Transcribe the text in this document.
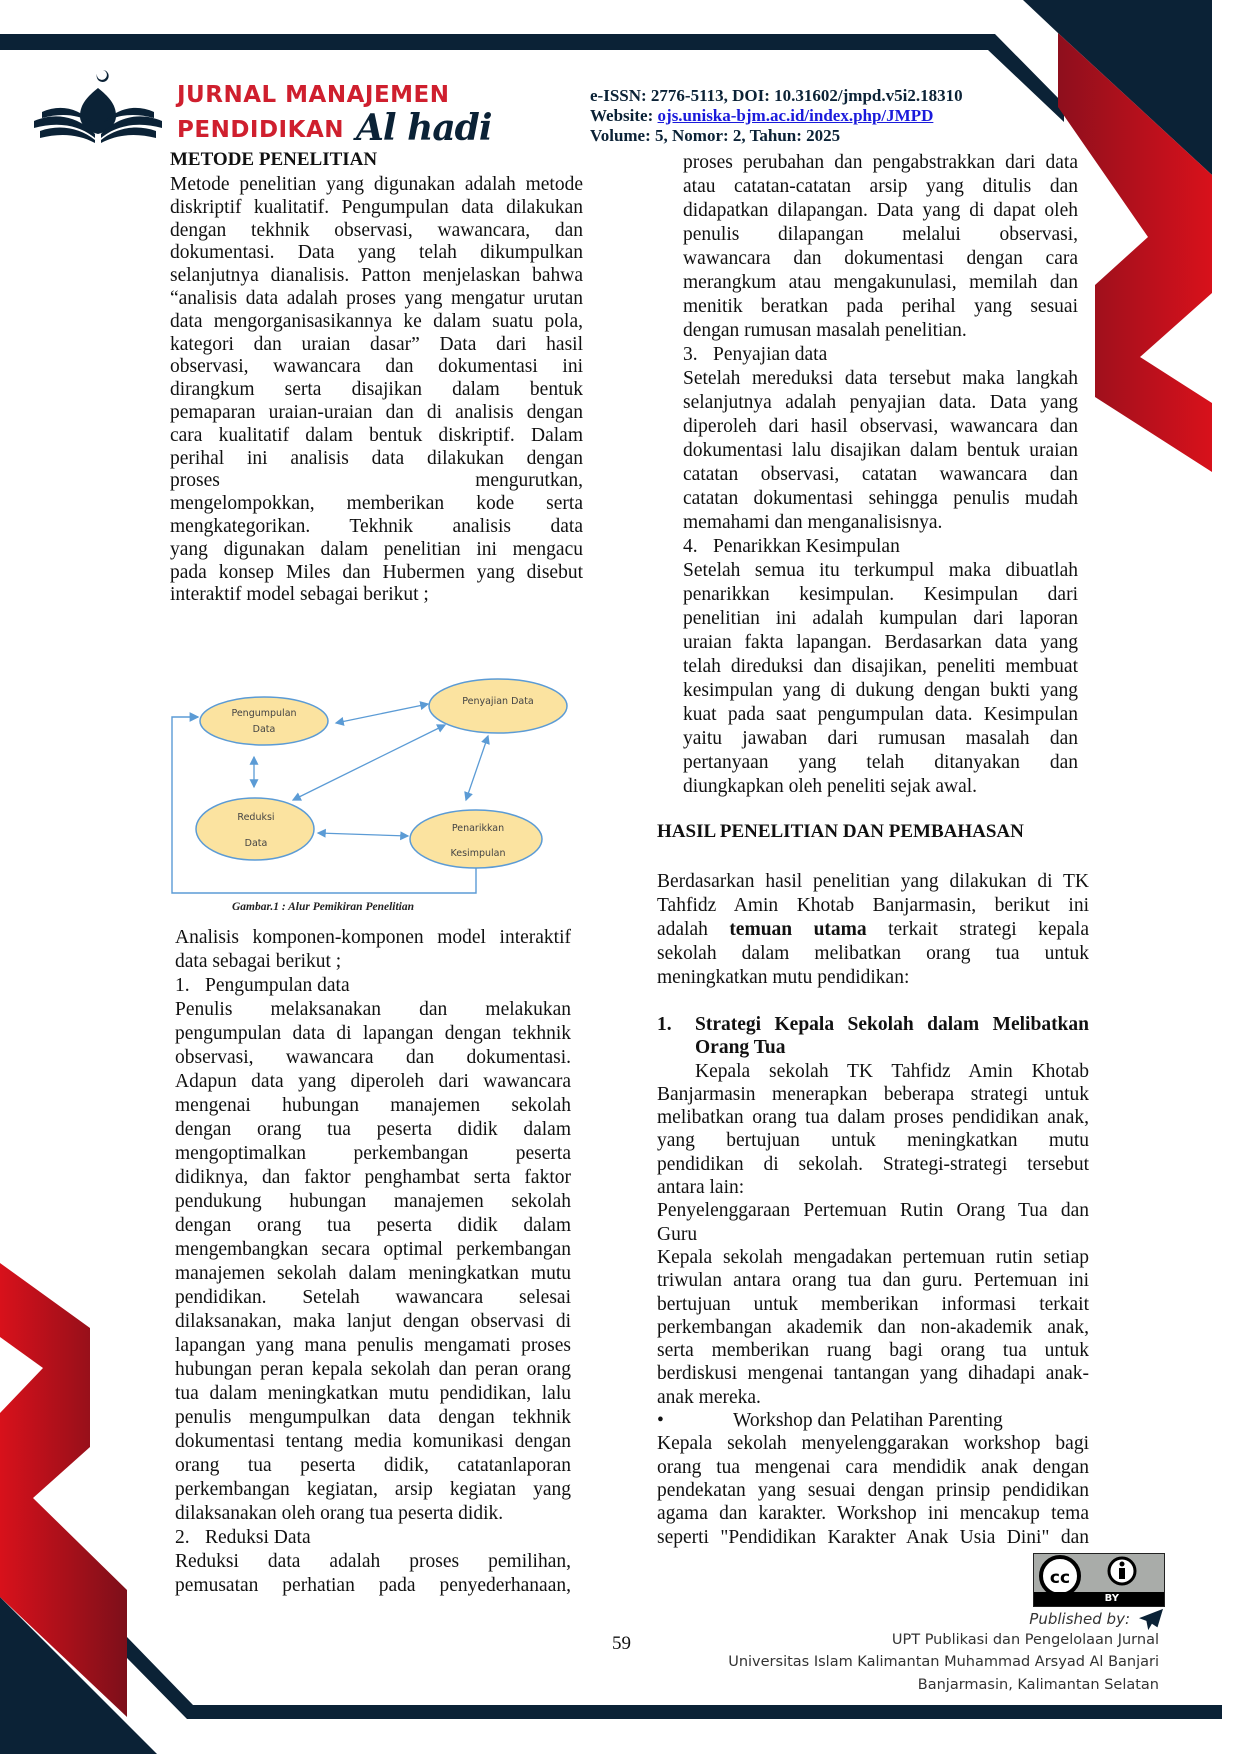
JURNAL MANAJEMEN
PENDIDIKAN Al hadi
e-ISSN: 2776-5113, DOI: 10.31602/jmpd.v5i2.18310
Website: ojs.uniska-bjm.ac.id/index.php/JMPD
Volume: 5, Nomor: 2, Tahun: 2025
METODE PENELITIAN
Metode penelitian yang digunakan adalah metode
diskriptif kualitatif. Pengumpulan data dilakukan
dengan tekhnik observasi, wawancara, dan
dokumentasi. Data yang telah dikumpulkan
selanjutnya dianalisis. Patton menjelaskan bahwa
“analisis data adalah proses yang mengatur urutan
data mengorganisasikannya ke dalam suatu pola,
kategori dan uraian dasar” Data dari hasil
observasi, wawancara dan dokumentasi ini
dirangkum serta disajikan dalam bentuk
pemaparan uraian-uraian dan di analisis dengan
cara kualitatif dalam bentuk diskriptif. Dalam
perihal ini analisis data dilakukan dengan
proses mengurutkan,
mengelompokkan, memberikan kode serta
mengkategorikan. Tekhnik analisis data
yang digunakan dalam penelitian ini mengacu
pada konsep Miles dan Hubermen yang disebut
interaktif model sebagai berikut ;
Pengumpulan
Data
Penyajian Data
Reduksi
Data
Penarikkan
Kesimpulan
Gambar.1 : Alur Pemikiran Penelitian
Analisis komponen-komponen model interaktif
data sebagai berikut ;
1. Pengumpulan data
Penulis melaksanakan dan melakukan
pengumpulan data di lapangan dengan tekhnik
observasi, wawancara dan dokumentasi.
Adapun data yang diperoleh dari wawancara
mengenai hubungan manajemen sekolah
dengan orang tua peserta didik dalam
mengoptimalkan perkembangan peserta
didiknya, dan faktor penghambat serta faktor
pendukung hubungan manajemen sekolah
dengan orang tua peserta didik dalam
mengembangkan secara optimal perkembangan
manajemen sekolah dalam meningkatkan mutu
pendidikan. Setelah wawancara selesai
dilaksanakan, maka lanjut dengan observasi di
lapangan yang mana penulis mengamati proses
hubungan peran kepala sekolah dan peran orang
tua dalam meningkatkan mutu pendidikan, lalu
penulis mengumpulkan data dengan tekhnik
dokumentasi tentang media komunikasi dengan
orang tua peserta didik, catatanlaporan
perkembangan kegiatan, arsip kegiatan yang
dilaksanakan oleh orang tua peserta didik.
2. Reduksi Data
Reduksi data adalah proses pemilihan,
pemusatan perhatian pada penyederhanaan,
proses perubahan dan pengabstrakkan dari data
atau catatan-catatan arsip yang ditulis dan
didapatkan dilapangan. Data yang di dapat oleh
penulis dilapangan melalui observasi,
wawancara dan dokumentasi dengan cara
merangkum atau mengakunulasi, memilah dan
menitik beratkan pada perihal yang sesuai
dengan rumusan masalah penelitian.
3. Penyajian data
Setelah mereduksi data tersebut maka langkah
selanjutnya adalah penyajian data. Data yang
diperoleh dari hasil observasi, wawancara dan
dokumentasi lalu disajikan dalam bentuk uraian
catatan observasi, catatan wawancara dan
catatan dokumentasi sehingga penulis mudah
memahami dan menganalisisnya.
4. Penarikkan Kesimpulan
Setelah semua itu terkumpul maka dibuatlah
penarikkan kesimpulan. Kesimpulan dari
penelitian ini adalah kumpulan dari laporan
uraian fakta lapangan. Berdasarkan data yang
telah direduksi dan disajikan, peneliti membuat
kesimpulan yang di dukung dengan bukti yang
kuat pada saat pengumpulan data. Kesimpulan
yaitu jawaban dari rumusan masalah dan
pertanyaan yang telah ditanyakan dan
diungkapkan oleh peneliti sejak awal.
HASIL PENELITIAN DAN PEMBAHASAN
Berdasarkan hasil penelitian yang dilakukan di TK
Tahfidz Amin Khotab Banjarmasin, berikut ini
adalah temuan utama terkait strategi kepala
sekolah dalam melibatkan orang tua untuk
meningkatkan mutu pendidikan:
1. Strategi Kepala Sekolah dalam Melibatkan
Orang Tua
Kepala sekolah TK Tahfidz Amin Khotab
Banjarmasin menerapkan beberapa strategi untuk
melibatkan orang tua dalam proses pendidikan anak,
yang bertujuan untuk meningkatkan mutu
pendidikan di sekolah. Strategi-strategi tersebut
antara lain:
Penyelenggaraan Pertemuan Rutin Orang Tua dan
Guru
Kepala sekolah mengadakan pertemuan rutin setiap
triwulan antara orang tua dan guru. Pertemuan ini
bertujuan untuk memberikan informasi terkait
perkembangan akademik dan non-akademik anak,
serta memberikan ruang bagi orang tua untuk
berdiskusi mengenai tantangan yang dihadapi anak-
anak mereka.
•	Workshop dan Pelatihan Parenting
Kepala sekolah menyelenggarakan workshop bagi
orang tua mengenai cara mendidik anak dengan
pendekatan yang sesuai dengan prinsip pendidikan
agama dan karakter. Workshop ini mencakup tema
seperti "Pendidikan Karakter Anak Usia Dini" dan
cc
BY
Published by:
UPT Publikasi dan Pengelolaan Jurnal
Universitas Islam Kalimantan Muhammad Arsyad Al Banjari
Banjarmasin, Kalimantan Selatan
59
